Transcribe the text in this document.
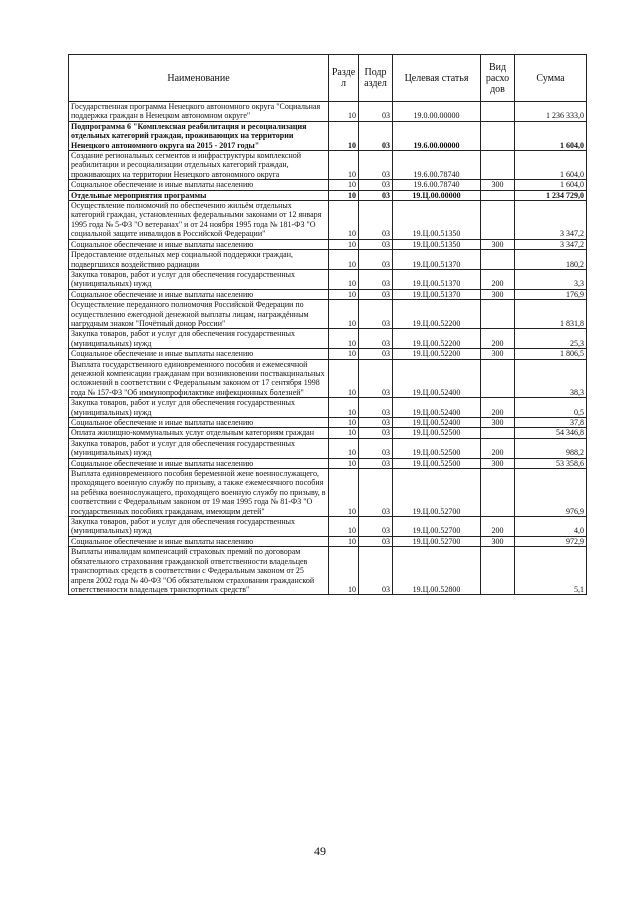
Наименование	Разде л	Подр аздел	Целевая статья	Вид расхо дов	Сумма
Государственная программа Ненецкого автономного округа "Социальная поддержка граждан в Ненецком автономном округе"	10	03	19.0.00.00000		1 236 333,0
Подпрограмма 6 "Комплексная реабилитация и ресоциализация отдельных категорий граждан, проживающих на территории Ненецкого автономного округа на 2015 - 2017 годы"	10	03	19.6.00.00000		1 604,0
Создание региональных сегментов и инфраструктуры комплексной реабилитации и ресоциализации отдельных категорий граждан, проживающих на территории Ненецкого автономного округа	10	03	19.6.00.78740		1 604,0
Социальное обеспечение и иные выплаты населению	10	03	19.6.00.78740	300	1 604,0
Отдельные мероприятия программы	10	03	19.Ц.00.00000		1 234 729,0
Осуществление полномочий по обеспечению жильём отдельных категорий граждан, установленных федеральными законами от 12 января 1995 года № 5-ФЗ "О ветеранах" и от 24 ноября 1995 года № 181-ФЗ "О социальной защите инвалидов в Российской Федерации"	10	03	19.Ц.00.51350		3 347,2
Социальное обеспечение и иные выплаты населению	10	03	19.Ц.00.51350	300	3 347,2
Предоставление отдельных мер социальной поддержки граждан, подвергшихся воздействию радиации	10	03	19.Ц.00.51370		180,2
Закупка товаров, работ и услуг для обеспечения государственных (муниципальных) нужд	10	03	19.Ц.00.51370	200	3,3
Социальное обеспечение и иные выплаты населению	10	03	19.Ц.00.51370	300	176,9
Осуществление переданного полномочия Российской Федерации по осуществлению ежегодной денежной выплаты лицам, награждённым нагрудным знаком "Почётный донор России"	10	03	19.Ц.00.52200		1 831,8
Закупка товаров, работ и услуг для обеспечения государственных (муниципальных) нужд	10	03	19.Ц.00.52200	200	25,3
Социальное обеспечение и иные выплаты населению	10	03	19.Ц.00.52200	300	1 806,5
Выплата государственного единовременного пособия и ежемесячной денежной компенсации гражданам при возникновении поствакцинальных осложнений в соответствии с Федеральным законом от 17 сентября 1998 года № 157-ФЗ "Об иммунопрофилактике инфекционных болезней"	10	03	19.Ц.00.52400		38,3
Закупка товаров, работ и услуг для обеспечения государственных (муниципальных) нужд	10	03	19.Ц.00.52400	200	0,5
Социальное обеспечение и иные выплаты населению	10	03	19.Ц.00.52400	300	37,8
Оплата жилищно-коммунальных услуг отдельным категориям граждан	10	03	19.Ц.00.52500		54 346,8
Закупка товаров, работ и услуг для обеспечения государственных (муниципальных) нужд	10	03	19.Ц.00.52500	200	988,2
Социальное обеспечение и иные выплаты населению	10	03	19.Ц.00.52500	300	53 358,6
Выплата единовременного пособия беременной жене военнослужащего, проходящего военную службу по призыву, а также ежемесячного пособия на ребёнка военнослужащего, проходящего военную службу по призыву, в соответствии с Федеральным законом от 19 мая 1995 года № 81-ФЗ "О государственных пособиях гражданам, имеющим детей"	10	03	19.Ц.00.52700		976,9
Закупка товаров, работ и услуг для обеспечения государственных (муниципальных) нужд	10	03	19.Ц.00.52700	200	4,0
Социальное обеспечение и иные выплаты населению	10	03	19.Ц.00.52700	300	972,9
Выплаты инвалидам компенсаций страховых премий по договорам обязательного страхования гражданской ответственности владельцев транспортных средств в соответствии с Федеральным законом от 25 апреля 2002 года № 40-ФЗ "Об обязательном страховании гражданской ответственности владельцев транспортных средств"	10	03	19.Ц.00.52800		5,1
49
